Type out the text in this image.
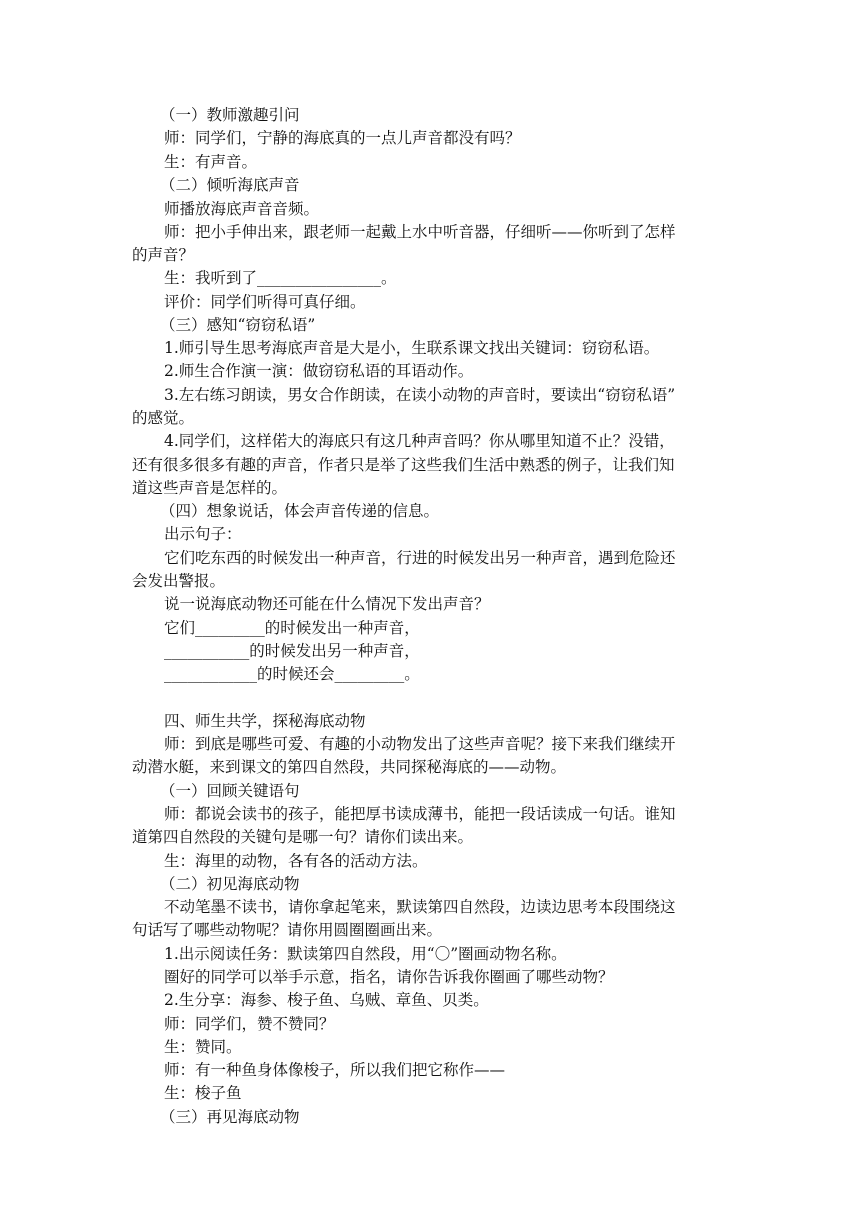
（一）教师激趣引问
师：同学们，宁静的海底真的一点儿声音都没有吗？
生：有声音。
（二）倾听海底声音
师播放海底声音音频。
师：把小手伸出来，跟老师一起戴上水中听音器，仔细听——你听到了怎样
的声音？
生：我听到了________________。
评价：同学们听得可真仔细。
（三）感知“窃窃私语”
1.师引导生思考海底声音是大是小，生联系课文找出关键词：窃窃私语。
2.师生合作演一演：做窃窃私语的耳语动作。
3.左右练习朗读，男女合作朗读，在读小动物的声音时，要读出“窃窃私语”
的感觉。
4.同学们，这样偌大的海底只有这几种声音吗？你从哪里知道不止？没错，
还有很多很多有趣的声音，作者只是举了这些我们生活中熟悉的例子，让我们知
道这些声音是怎样的。
（四）想象说话，体会声音传递的信息。
出示句子：
它们吃东西的时候发出一种声音，行进的时候发出另一种声音，遇到危险还
会发出警报。
说一说海底动物还可能在什么情况下发出声音？
它们_________的时候发出一种声音，
___________的时候发出另一种声音，
____________的时候还会_________。
四、师生共学，探秘海底动物
师：到底是哪些可爱、有趣的小动物发出了这些声音呢？接下来我们继续开
动潜水艇，来到课文的第四自然段，共同探秘海底的——动物。
（一）回顾关键语句
师：都说会读书的孩子，能把厚书读成薄书，能把一段话读成一句话。谁知
道第四自然段的关键句是哪一句？请你们读出来。
生：海里的动物，各有各的活动方法。
（二）初见海底动物
不动笔墨不读书，请你拿起笔来，默读第四自然段，边读边思考本段围绕这
句话写了哪些动物呢？请你用圆圈圈画出来。
1.出示阅读任务：默读第四自然段，用“〇”圈画动物名称。
圈好的同学可以举手示意，指名，请你告诉我你圈画了哪些动物？
2.生分享：海参、梭子鱼、乌贼、章鱼、贝类。
师：同学们，赞不赞同？
生：赞同。
师：有一种鱼身体像梭子，所以我们把它称作——
生：梭子鱼
（三）再见海底动物
